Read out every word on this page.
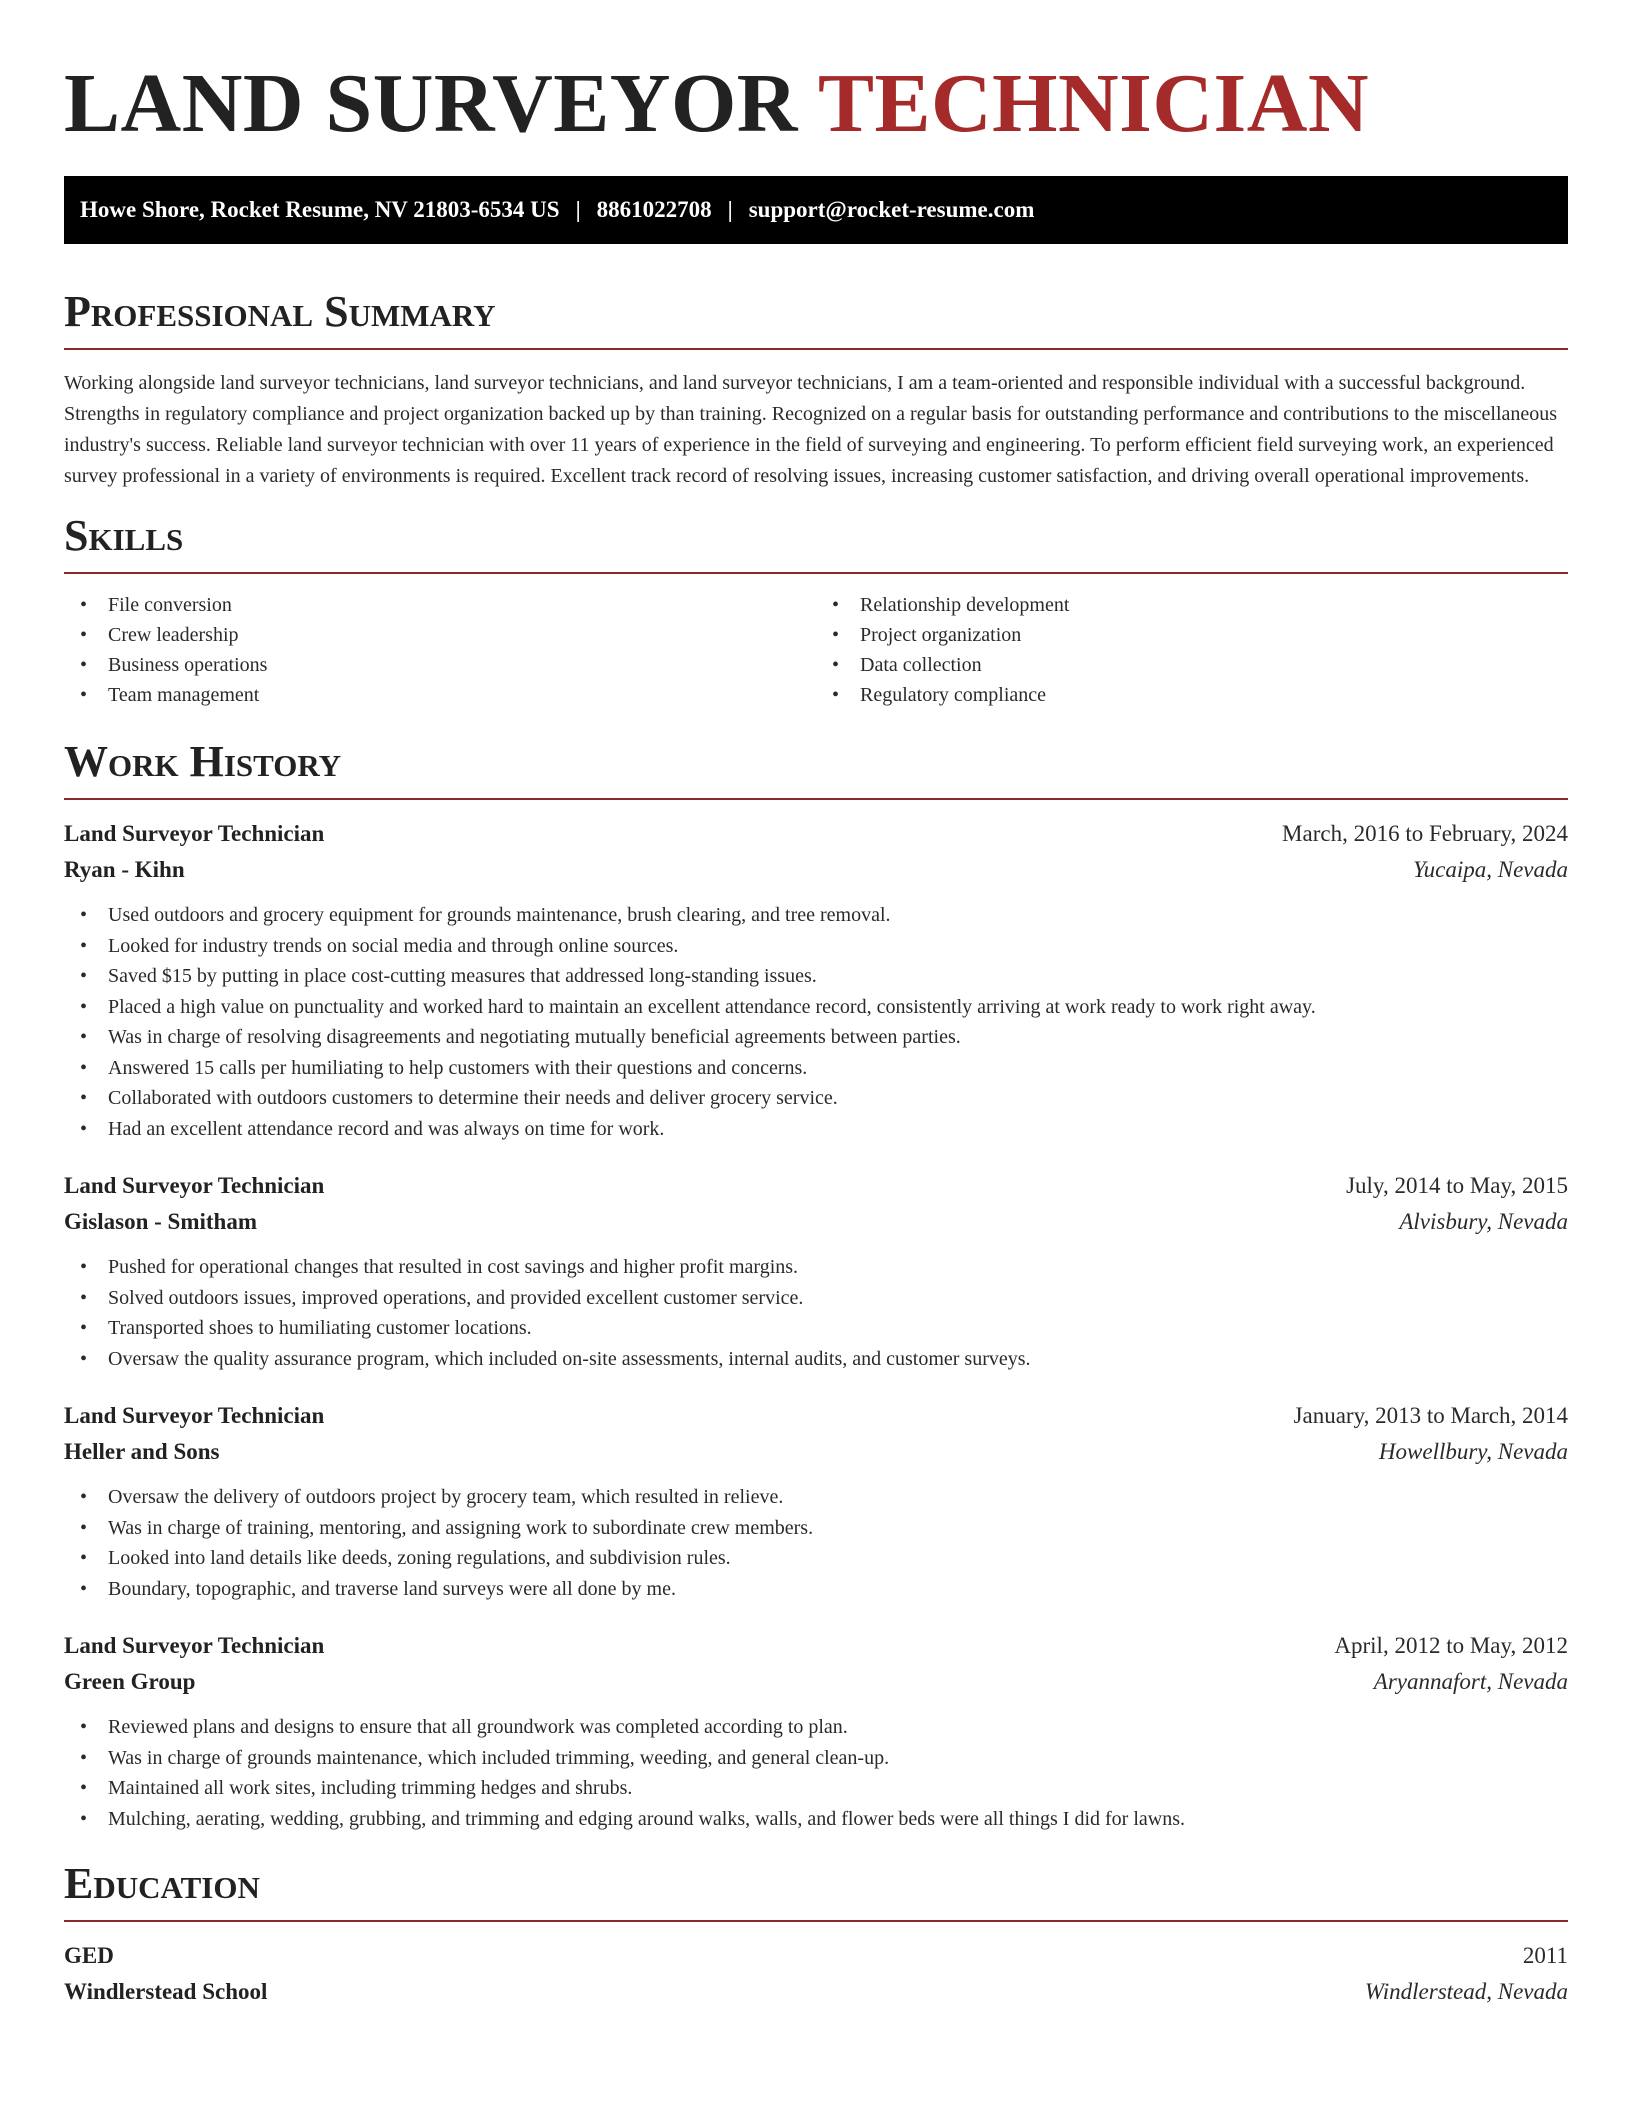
LAND SURVEYOR TECHNICIAN
Howe Shore, Rocket Resume, NV 21803-6534 US | 8861022708 | support@rocket-resume.com
Professional Summary

Working alongside land surveyor technicians, land surveyor technicians, and land surveyor technicians, I am a team-oriented and responsible individual with a successful background. Strengths in regulatory compliance and project organization backed up by than training. Recognized on a regular basis for outstanding performance and contributions to the miscellaneous industry's success. Reliable land surveyor technician with over 11 years of experience in the field of surveying and engineering. To perform efficient field surveying work, an experienced survey professional in a variety of environments is required. Excellent track record of resolving issues, increasing customer satisfaction, and driving overall operational improvements.

Skills
• File conversion
• Crew leadership
• Business operations
• Team management
• Relationship development
• Project organization
• Data collection
• Regulatory compliance
Work History
Land Surveyor Technician	March, 2016 to February, 2024
Ryan - Kihn	Yucaipa, Nevada
• Used outdoors and grocery equipment for grounds maintenance, brush clearing, and tree removal.
• Looked for industry trends on social media and through online sources.
• Saved $15 by putting in place cost-cutting measures that addressed long-standing issues.
• Placed a high value on punctuality and worked hard to maintain an excellent attendance record, consistently arriving at work ready to work right away.
• Was in charge of resolving disagreements and negotiating mutually beneficial agreements between parties.
• Answered 15 calls per humiliating to help customers with their questions and concerns.
• Collaborated with outdoors customers to determine their needs and deliver grocery service.
• Had an excellent attendance record and was always on time for work.
Land Surveyor Technician	July, 2014 to May, 2015
Gislason - Smitham	Alvisbury, Nevada
• Pushed for operational changes that resulted in cost savings and higher profit margins.
• Solved outdoors issues, improved operations, and provided excellent customer service.
• Transported shoes to humiliating customer locations.
• Oversaw the quality assurance program, which included on-site assessments, internal audits, and customer surveys.
Land Surveyor Technician	January, 2013 to March, 2014
Heller and Sons	Howellbury, Nevada
• Oversaw the delivery of outdoors project by grocery team, which resulted in relieve.
• Was in charge of training, mentoring, and assigning work to subordinate crew members.
• Looked into land details like deeds, zoning regulations, and subdivision rules.
• Boundary, topographic, and traverse land surveys were all done by me.
Land Surveyor Technician	April, 2012 to May, 2012
Green Group	Aryannafort, Nevada
• Reviewed plans and designs to ensure that all groundwork was completed according to plan.
• Was in charge of grounds maintenance, which included trimming, weeding, and general clean-up.
• Maintained all work sites, including trimming hedges and shrubs.
• Mulching, aerating, wedding, grubbing, and trimming and edging around walks, walls, and flower beds were all things I did for lawns.
Education
GED	2011
Windlerstead School	Windlerstead, Nevada
